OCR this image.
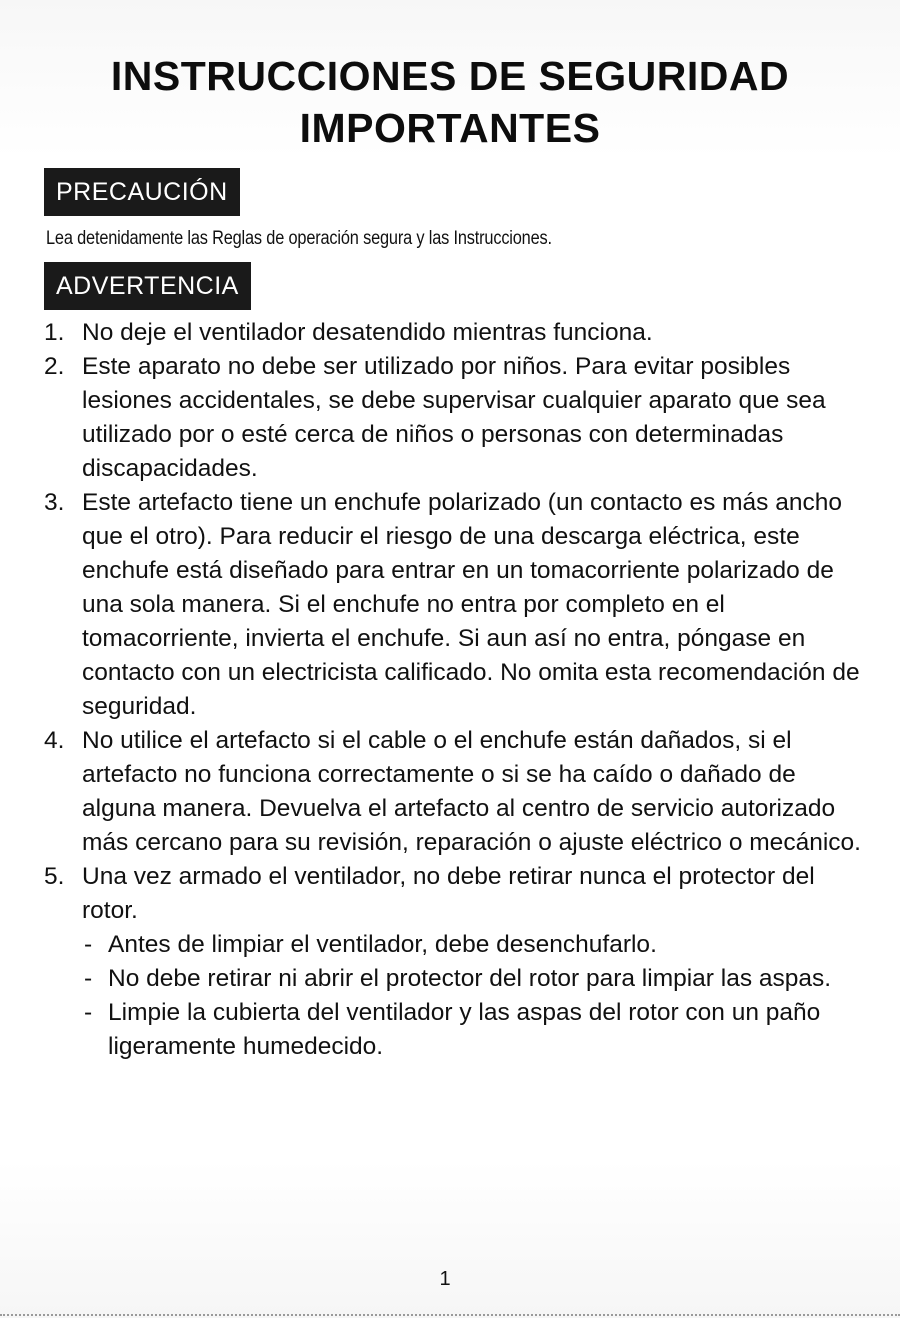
INSTRUCCIONES DE SEGURIDAD
IMPORTANTES
PRECAUCIÓN
Lea detenidamente las Reglas de operación segura y las Instrucciones.
ADVERTENCIA
1. No deje el ventilador desatendido mientras funciona.
2. Este aparato no debe ser utilizado por niños. Para evitar posibles lesiones accidentales, se debe supervisar cualquier aparato que sea utilizado por o esté cerca de niños o personas con determinadas discapacidades.
3. Este artefacto tiene un enchufe polarizado (un contacto es más ancho que el otro). Para reducir el riesgo de una descarga eléctrica, este enchufe está diseñado para entrar en un tomacorriente polarizado de una sola manera. Si el enchufe no entra por completo en el tomacorriente, invierta el enchufe. Si aun así no entra, póngase en contacto con un electricista calificado. No omita esta recomendación de seguridad.
4. No utilice el artefacto si el cable o el enchufe están dañados, si el artefacto no funciona correctamente o si se ha caído o dañado de alguna manera. Devuelva el artefacto al centro de servicio autorizado más cercano para su revisión, reparación o ajuste eléctrico o mecánico.
5. Una vez armado el ventilador, no debe retirar nunca el protector del rotor.
- Antes de limpiar el ventilador, debe desenchufarlo.
- No debe retirar ni abrir el protector del rotor para limpiar las aspas.
- Limpie la cubierta del ventilador y las aspas del rotor con un paño ligeramente humedecido.
1
